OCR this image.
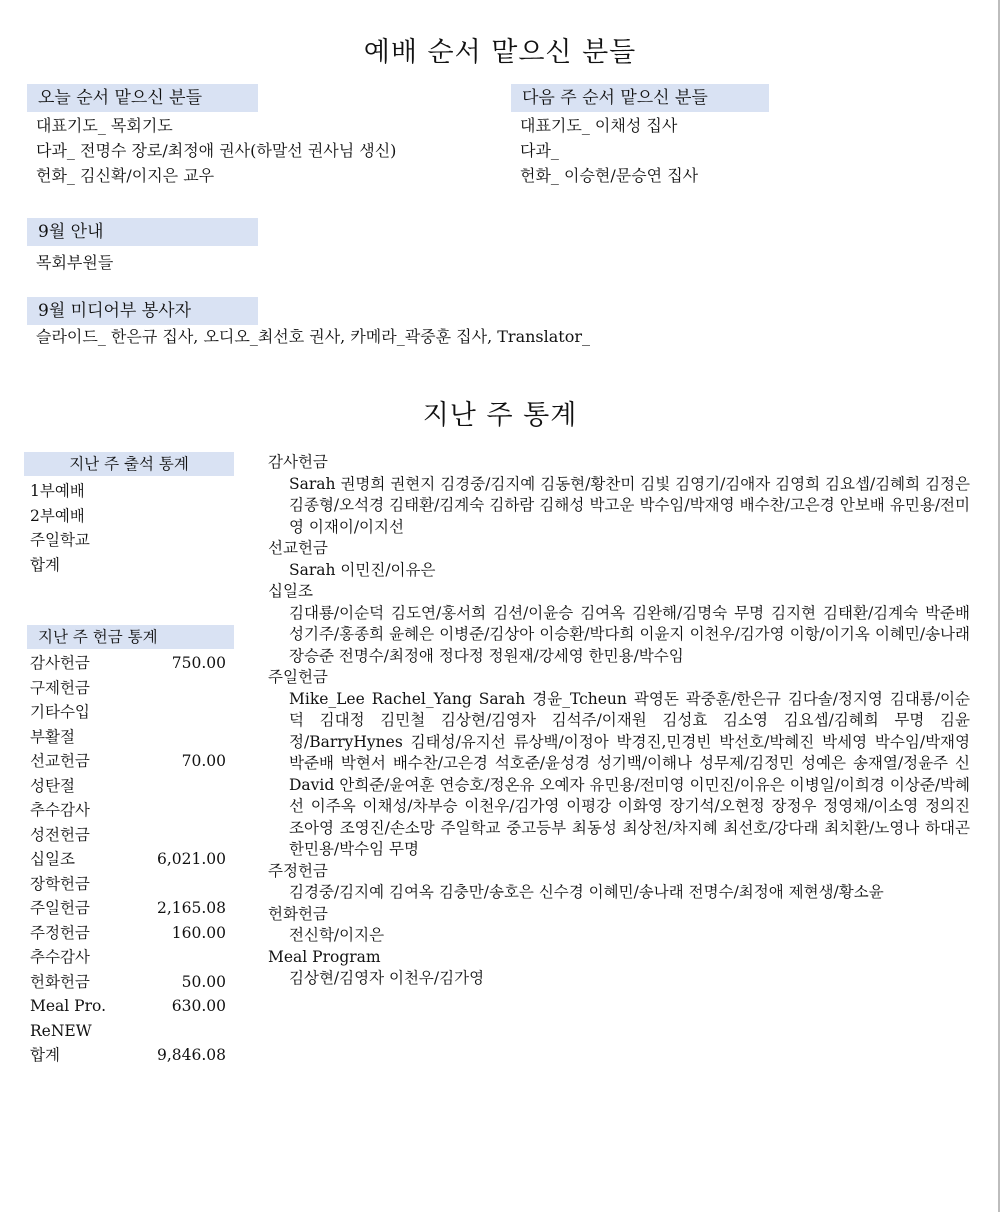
예배 순서 맡으신 분들
오늘 순서 맡으신 분들
대표기도_ 목회기도
다과_ 전명수 장로/최정애 권사(하말선 권사님 생신)
헌화_ 김신확/이지은 교우
다음 주 순서 맡으신 분들
대표기도_ 이채성 집사
다과_
헌화_ 이승현/문승연 집사
9월 안내
목회부원들
9월 미디어부 봉사자
슬라이드_ 한은규 집사, 오디오_최선호 권사, 카메라_곽중훈 집사, Translator_
지난 주 통계
지난 주 출석 통계
1부예배
2부예배
주일학교
합계
지난 주 헌금 통계
감사헌금	750.00
구제헌금
기타수입
부활절
선교헌금	70.00
성탄절
추수감사
성전헌금
십일조	6,021.00
장학헌금
주일헌금	2,165.08
주정헌금	160.00
추수감사
헌화헌금	50.00
Meal Pro.	630.00
ReNEW
합계	9,846.08

감사헌금

Sarah 권명희 권현지 김경중/김지예 김동현/황찬미 김빛 김영기/김애자 김영희 김요셉/김혜희 김정은 김종형/오석경 김태환/김계숙 김하람 김해성 박고운 박수임/박재영 배수찬/고은경 안보배 유민용/전미영 이재이/이지선

선교헌금

Sarah 이민진/이유은

십일조

김대룡/이순덕 김도연/홍서희 김션/이윤승 김여옥 김완해/김명숙 무명 김지현 김태환/김계숙 박준배 성기주/홍종희 윤혜은 이병준/김상아 이승환/박다희 이윤지 이천우/김가영 이항/이기옥 이혜민/송나래 장승준 전명수/최정애 정다정 정원재/강세영 한민용/박수임

주일헌금

Mike_Lee Rachel_Yang Sarah 경윤_Tcheun 곽영돈 곽중훈/한은규 김다솔/정지영 김대룡/이순덕 김대정 김민철 김상현/김영자 김석주/이재원 김성효 김소영 김요셉/김혜희 무명 김윤정/BarryHynes 김태성/유지선 류상백/이정아 박경진,민경빈 박선호/박혜진 박세영 박수임/박재영 박준배 박현서 배수찬/고은경 석호준/윤성경 성기백/이해나 성무제/김정민 성예은 송재열/정윤주 신David 안희준/윤여훈 연승호/정온유 오예자 유민용/전미영 이민진/이유은 이병일/이희경 이상준/박혜선 이주옥 이채성/차부승 이천우/김가영 이평강 이화영 장기석/오현정 장정우 정영채/이소영 정의진 조아영 조영진/손소망 주일학교 중고등부 최동성 최상천/차지혜 최선호/강다래 최치환/노영나 하대곤 한민용/박수임 무명

주정헌금

김경중/김지예 김여옥 김충만/송호은 신수경 이혜민/송나래 전명수/최정애 제현생/황소윤

헌화헌금

전신학/이지은

Meal Program

김상현/김영자 이천우/김가영
